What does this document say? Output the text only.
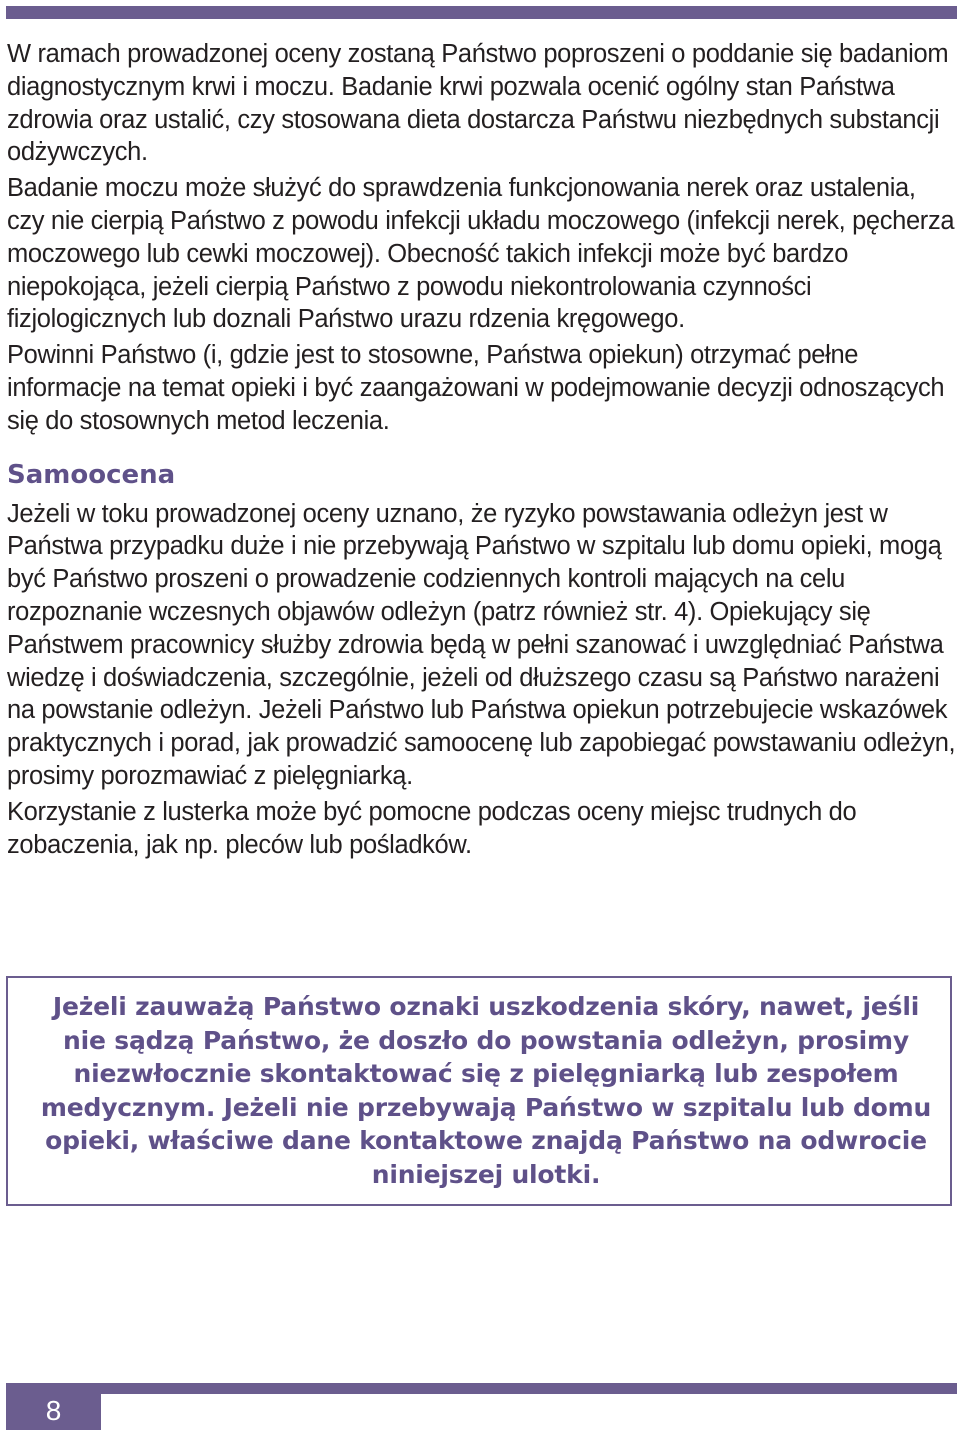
W ramach prowadzonej oceny zostaną Państwo poproszeni o poddanie się badaniom diagnostycznym krwi i moczu. Badanie krwi pozwala ocenić ogólny stan Państwa zdrowia oraz ustalić, czy stosowana dieta dostarcza Państwu niezbędnych substancji odżywczych.

Badanie moczu może służyć do sprawdzenia funkcjonowania nerek oraz ustalenia, czy nie cierpią Państwo z powodu infekcji układu moczowego (infekcji nerek, pęcherza moczowego lub cewki moczowej). Obecność takich infekcji może być bardzo niepokojąca, jeżeli cierpią Państwo z powodu niekontrolowania czynności fizjologicznych lub doznali Państwo urazu rdzenia kręgowego.

Powinni Państwo (i, gdzie jest to stosowne, Państwa opiekun) otrzymać pełne informacje na temat opieki i być zaangażowani w podejmowanie decyzji odnoszących się do stosownych metod leczenia.

Samoocena

Jeżeli w toku prowadzonej oceny uznano, że ryzyko powstawania odleżyn jest w Państwa przypadku duże i nie przebywają Państwo w szpitalu lub domu opieki, mogą być Państwo proszeni o prowadzenie codziennych kontroli mających na celu rozpoznanie wczesnych objawów odleżyn (patrz również str. 4). Opiekujący się Państwem pracownicy służby zdrowia będą w pełni szanować i uwzględniać Państwa wiedzę i doświadczenia, szczególnie, jeżeli od dłuższego czasu są Państwo narażeni na powstanie odleżyn. Jeżeli Państwo lub Państwa opiekun potrzebujecie wskazówek praktycznych i porad, jak prowadzić samoocenę lub zapobiegać powstawaniu odleżyn, prosimy porozmawiać z pielęgniarką.

Korzystanie z lusterka może być pomocne podczas oceny miejsc trudnych do zobaczenia, jak np. pleców lub pośladków.

Jeżeli zauważą Państwo oznaki uszkodzenia skóry, nawet, jeśli nie sądzą Państwo, że doszło do powstania odleżyn, prosimy niezwłocznie skontaktować się z pielęgniarką lub zespołem medycznym. Jeżeli nie przebywają Państwo w szpitalu lub domu opieki, właściwe dane kontaktowe znajdą Państwo na odwrocie niniejszej ulotki.

8
